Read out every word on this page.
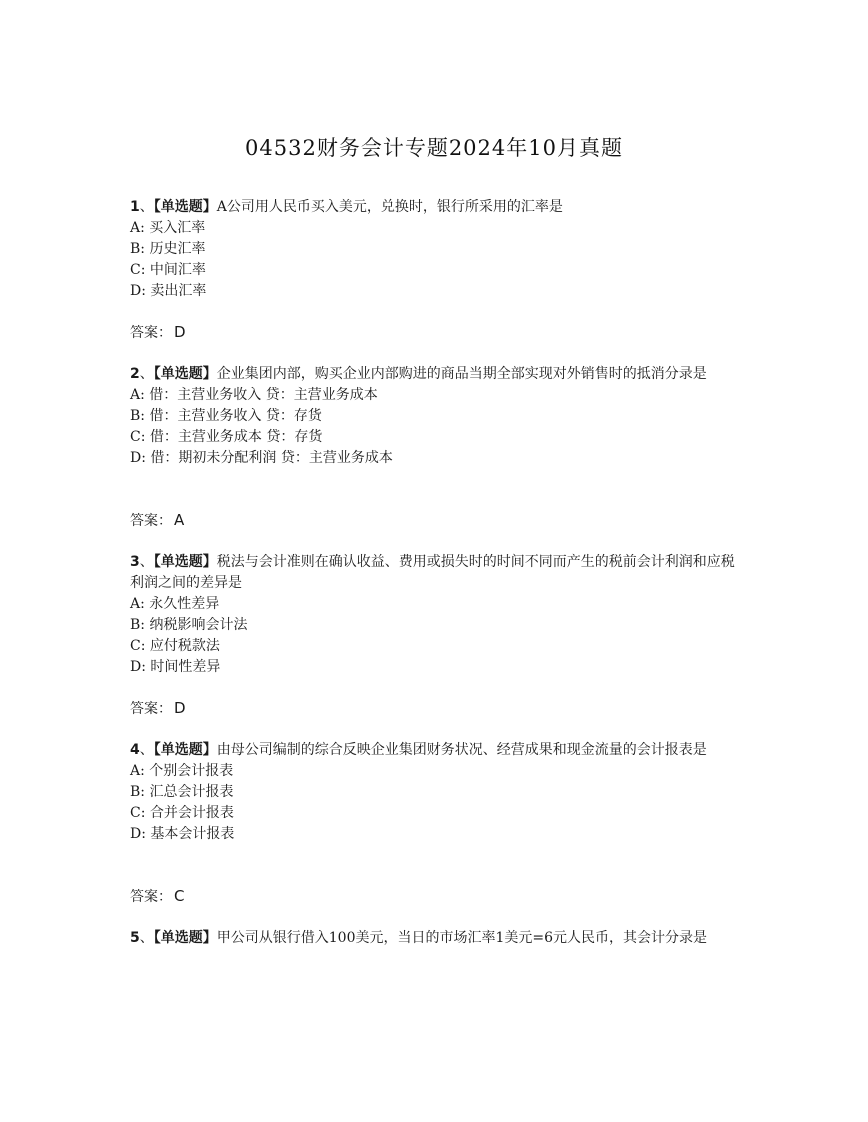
04532财务会计专题2024年10月真题

1、【单选题】A公司用人民币买入美元，兑换时，银行所采用的汇率是

A: 买入汇率

B: 历史汇率

C: 中间汇率

D: 卖出汇率

答案： D

2、【单选题】企业集团内部，购买企业内部购进的商品当期全部实现对外销售时的抵消分录是

A: 借：主营业务收入 贷：主营业务成本

B: 借：主营业务收入 贷：存货

C: 借：主营业务成本 贷：存货

D: 借：期初未分配利润 贷：主营业务成本

答案： A

3、【单选题】税法与会计准则在确认收益、费用或损失时的时间不同而产生的税前会计利润和应税利润之间的差异是

A: 永久性差异

B: 纳税影响会计法

C: 应付税款法

D: 时间性差异

答案： D

4、【单选题】由母公司编制的综合反映企业集团财务状况、经营成果和现金流量的会计报表是

A: 个别会计报表

B: 汇总会计报表

C: 合并会计报表

D: 基本会计报表

答案： C

5、【单选题】甲公司从银行借入100美元，当日的市场汇率1美元=6元人民币，其会计分录是
